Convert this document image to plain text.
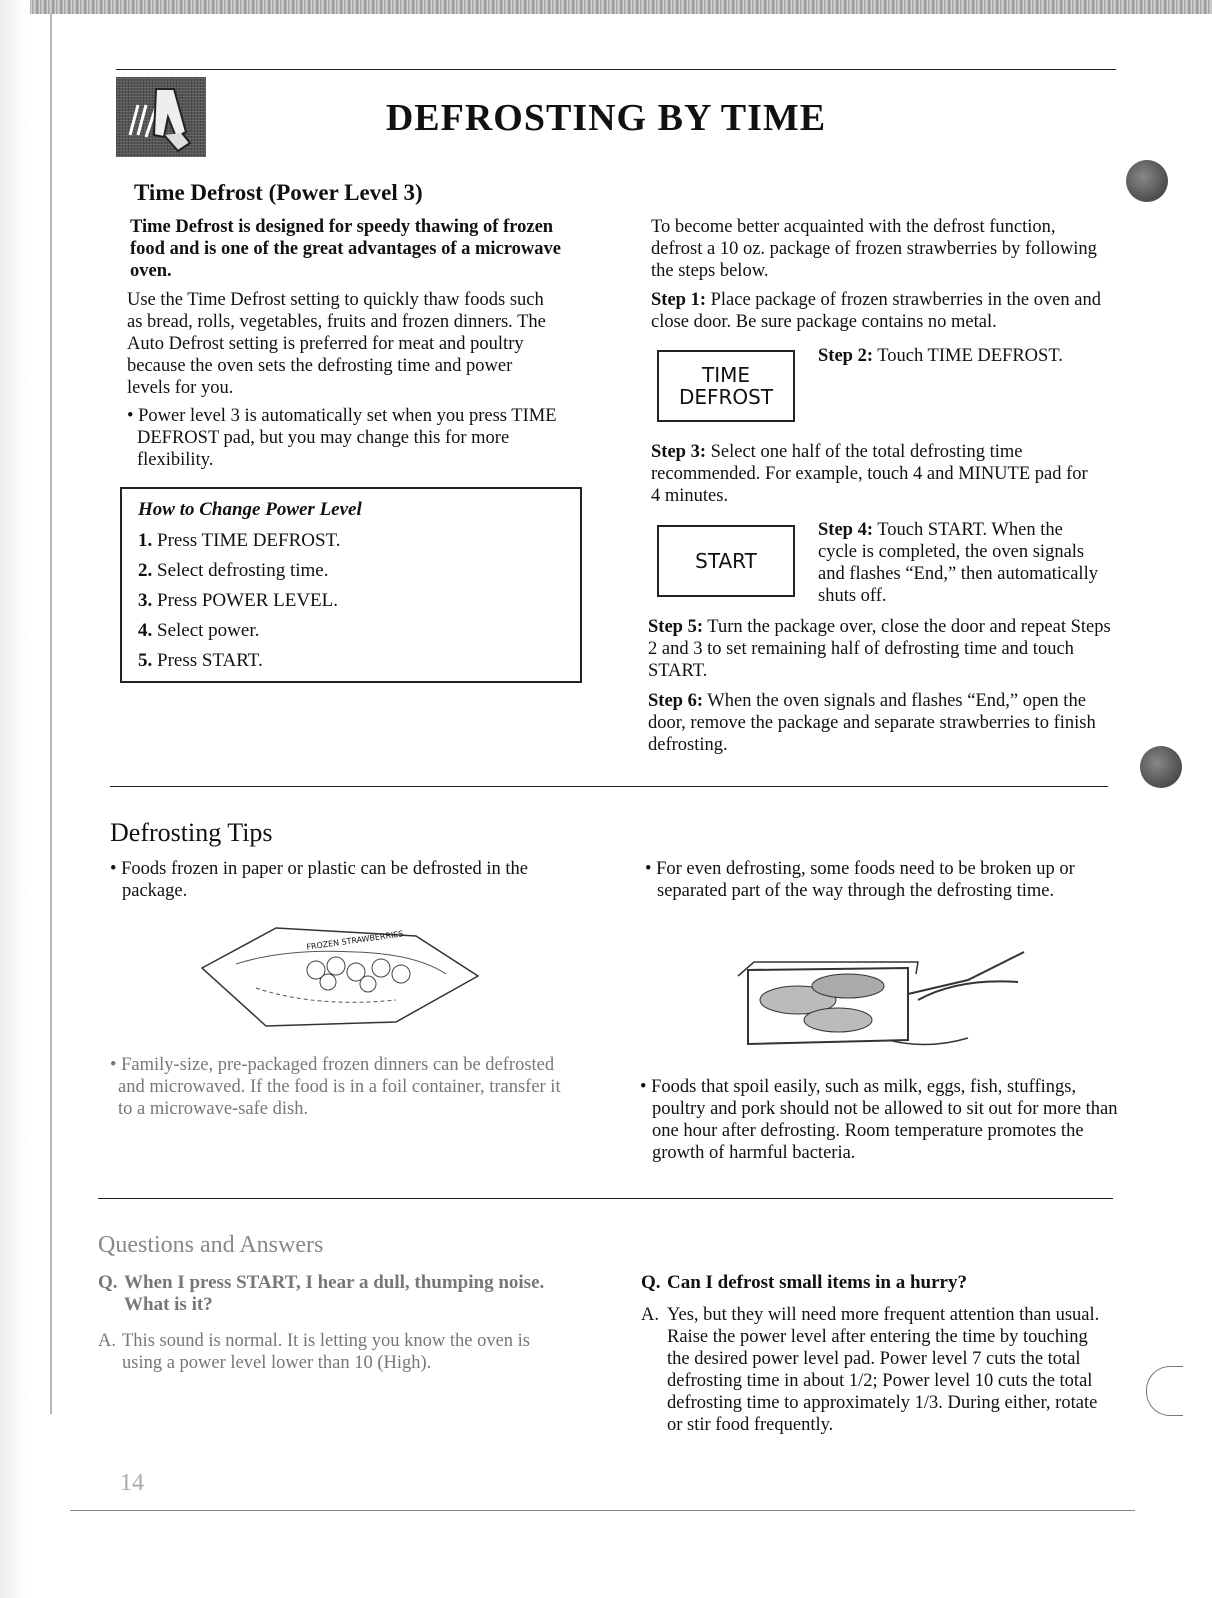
DEFROSTING BY TIME
Time Defrost (Power Level 3)
Time Defrost is designed for speedy thawing of frozen food and is one of the great advantages of a microwave oven.
Use the Time Defrost setting to quickly thaw foods such as bread, rolls, vegetables, fruits and frozen dinners. The Auto Defrost setting is preferred for meat and poultry because the oven sets the defrosting time and power levels for you.
• Power level 3 is automatically set when you press TIME DEFROST pad, but you may change this for more flexibility.
How to Change Power Level
1. Press TIME DEFROST.
2. Select defrosting time.
3. Press POWER LEVEL.
4. Select power.
5. Press START.
To become better acquainted with the defrost function, defrost a 10 oz. package of frozen strawberries by following the steps below.
Step 1: Place package of frozen strawberries in the oven and close door. Be sure package contains no metal.
TIME
DEFROST
Step 2: Touch TIME DEFROST.
Step 3: Select one half of the total defrosting time recommended. For example, touch 4 and MINUTE pad for 4 minutes.
START
Step 4: Touch START. When the cycle is completed, the oven signals and flashes “End,” then automatically shuts off.
Step 5: Turn the package over, close the door and repeat Steps 2 and 3 to set remaining half of defrosting time and touch START.
Step 6: When the oven signals and flashes “End,” open the door, remove the package and separate strawberries to finish defrosting.
Defrosting Tips
• Foods frozen in paper or plastic can be defrosted in the package.
FROZEN STRAWBERRIES
• Family-size, pre-packaged frozen dinners can be defrosted and microwaved. If the food is in a foil container, transfer it to a microwave-safe dish.
• For even defrosting, some foods need to be broken up or separated part of the way through the defrosting time.
• Foods that spoil easily, such as milk, eggs, fish, stuffings, poultry and pork should not be allowed to sit out for more than one hour after defrosting. Room temperature promotes the growth of harmful bacteria.
Questions and Answers
Q. When I press START, I hear a dull, thumping noise. What is it?
A. This sound is normal. It is letting you know the oven is using a power level lower than 10 (High).
Q. Can I defrost small items in a hurry?
A. Yes, but they will need more frequent attention than usual. Raise the power level after entering the time by touching the desired power level pad. Power level 7 cuts the total defrosting time in about 1/2; Power level 10 cuts the total defrosting time to approximately 1/3. During either, rotate or stir food frequently.
14
